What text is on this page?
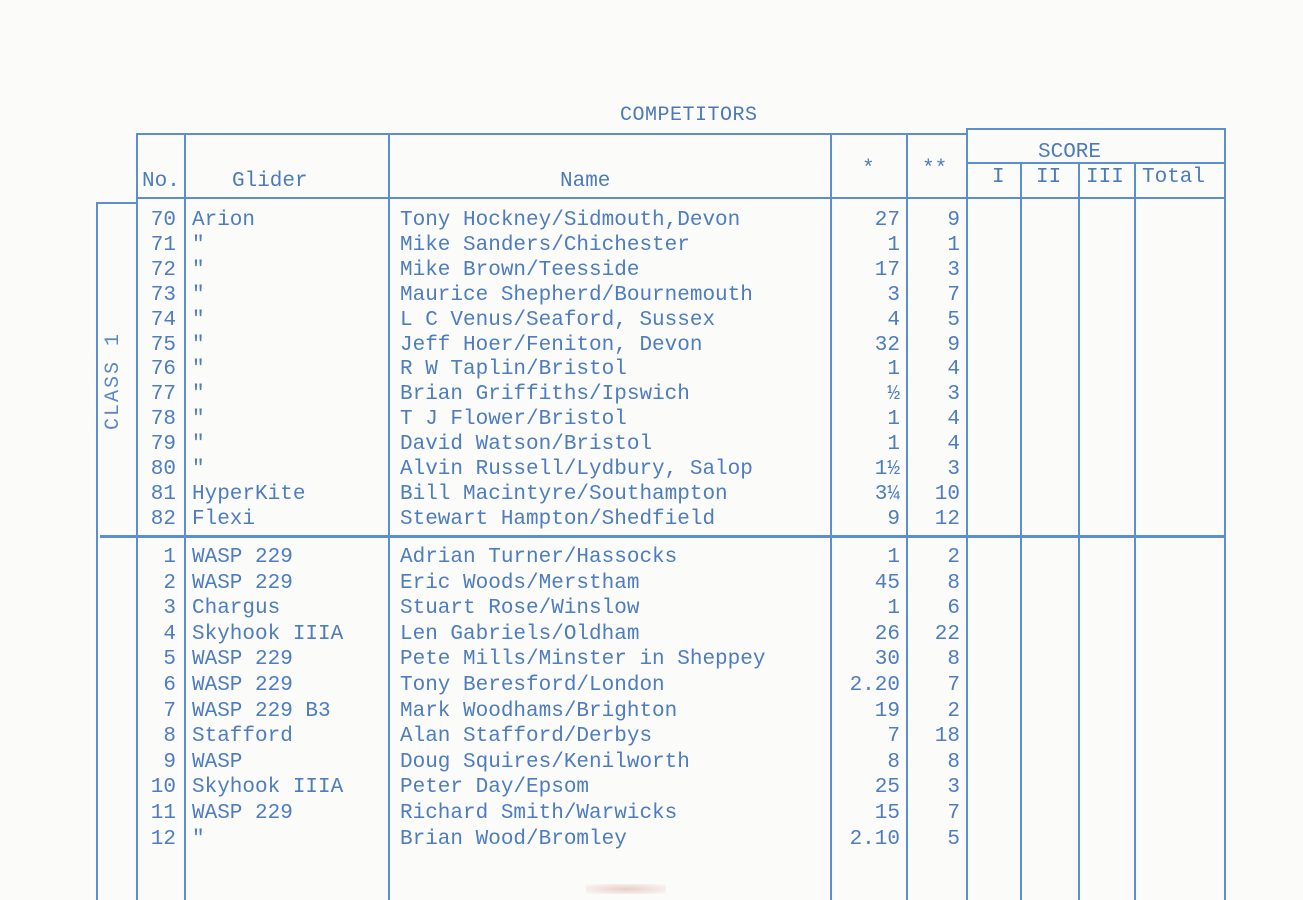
COMPETITORS
No. Glider	Name
* **
SCORE
I II III Total
CLASS 1
70 Arion	Tony Hockney/Sidmouth,Devon	27	9
71 "	Mike Sanders/Chichester	1	1
72 "	Mike Brown/Teesside	17	3
73 "	Maurice Shepherd/Bournemouth	3	7
74 "	L C Venus/Seaford, Sussex	4	5
75 "	Jeff Hoer/Feniton, Devon	32	9
76 "	R W Taplin/Bristol	1	4
77 "	Brian Griffiths/Ipswich	½	3
78 "	T J Flower/Bristol	1	4
79 "	David Watson/Bristol	1	4
80 "	Alvin Russell/Lydbury, Salop	1½	3
81 HyperKite	Bill Macintyre/Southampton	3¼	10
82 Flexi	Stewart Hampton/Shedfield	9	12
1 WASP 229	Adrian Turner/Hassocks	1	2
2 WASP 229	Eric Woods/Merstham	45	8
3 Chargus	Stuart Rose/Winslow	1	6
4 Skyhook IIIA	Len Gabriels/Oldham	26	22
5 WASP 229	Pete Mills/Minster in Sheppey	30	8
6 WASP 229	Tony Beresford/London	2.20	7
7 WASP 229 B3	Mark Woodhams/Brighton	19	2
8 Stafford	Alan Stafford/Derbys	7	18
9 WASP	Doug Squires/Kenilworth	8	8
10 Skyhook IIIA	Peter Day/Epsom	25	3
11 WASP 229	Richard Smith/Warwicks	15	7
12 "	Brian Wood/Bromley	2.10	5
